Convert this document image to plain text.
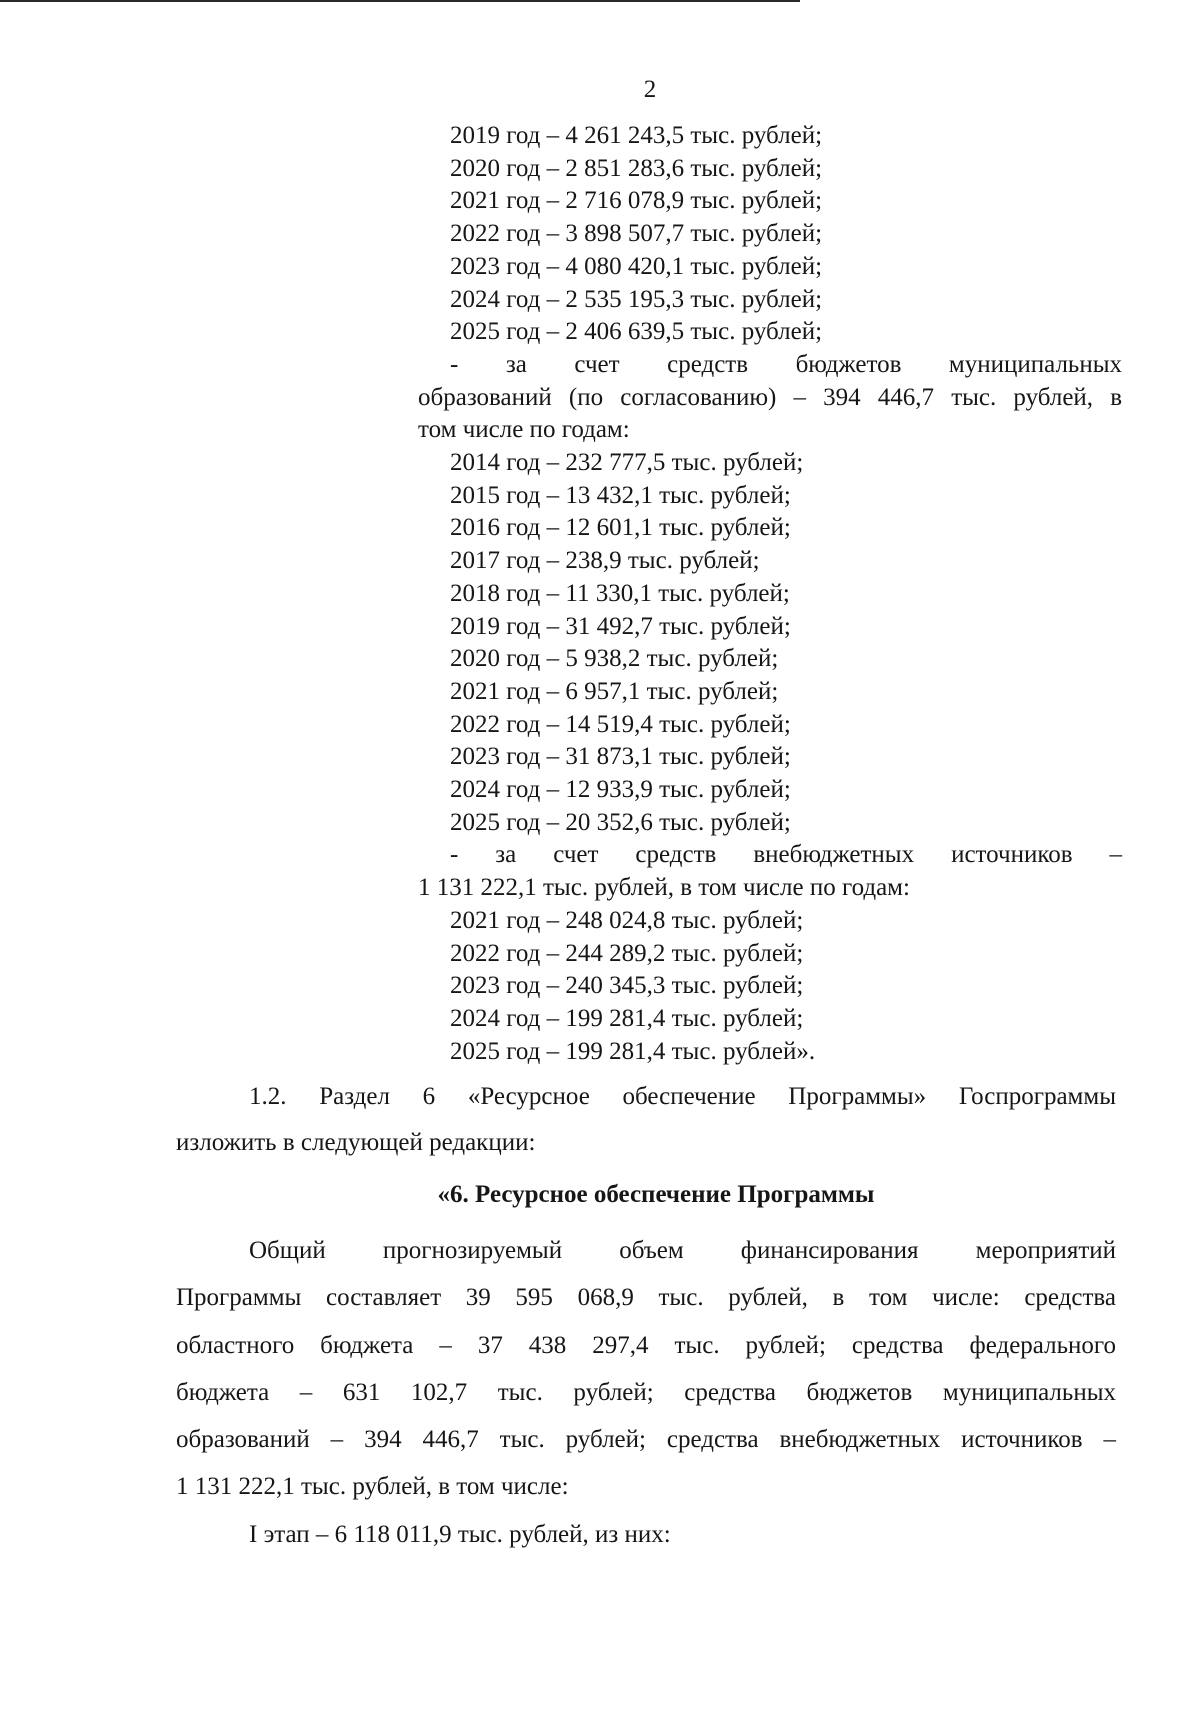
2
2019 год – 4 261 243,5 тыс. рублей;
2020 год – 2 851 283,6 тыс. рублей;
2021 год – 2 716 078,9 тыс. рублей;
2022 год – 3 898 507,7 тыс. рублей;
2023 год – 4 080 420,1 тыс. рублей;
2024 год – 2 535 195,3 тыс. рублей;
2025 год – 2 406 639,5 тыс. рублей;
- за счет средств бюджетов муниципальных
образований (по согласованию) – 394 446,7 тыс. рублей, в
том числе по годам:
2014 год – 232 777,5 тыс. рублей;
2015 год – 13 432,1 тыс. рублей;
2016 год – 12 601,1 тыс. рублей;
2017 год – 238,9 тыс. рублей;
2018 год – 11 330,1 тыс. рублей;
2019 год – 31 492,7 тыс. рублей;
2020 год – 5 938,2 тыс. рублей;
2021 год – 6 957,1 тыс. рублей;
2022 год – 14 519,4 тыс. рублей;
2023 год – 31 873,1 тыс. рублей;
2024 год – 12 933,9 тыс. рублей;
2025 год – 20 352,6 тыс. рублей;
- за счет средств внебюджетных источников –
1 131 222,1 тыс. рублей, в том числе по годам:
2021 год – 248 024,8 тыс. рублей;
2022 год – 244 289,2 тыс. рублей;
2023 год – 240 345,3 тыс. рублей;
2024 год – 199 281,4 тыс. рублей;
2025 год – 199 281,4 тыс. рублей».
1.2. Раздел 6 «Ресурсное обеспечение Программы» Госпрограммы
изложить в следующей редакции:
«6. Ресурсное обеспечение Программы
Общий прогнозируемый объем финансирования мероприятий
Программы составляет 39 595 068,9 тыс. рублей, в том числе: средства
областного бюджета – 37 438 297,4 тыс. рублей; средства федерального
бюджета – 631 102,7 тыс. рублей; средства бюджетов муниципальных
образований – 394 446,7 тыс. рублей; средства внебюджетных источников –
1 131 222,1 тыс. рублей, в том числе:
I этап – 6 118 011,9 тыс. рублей, из них:
